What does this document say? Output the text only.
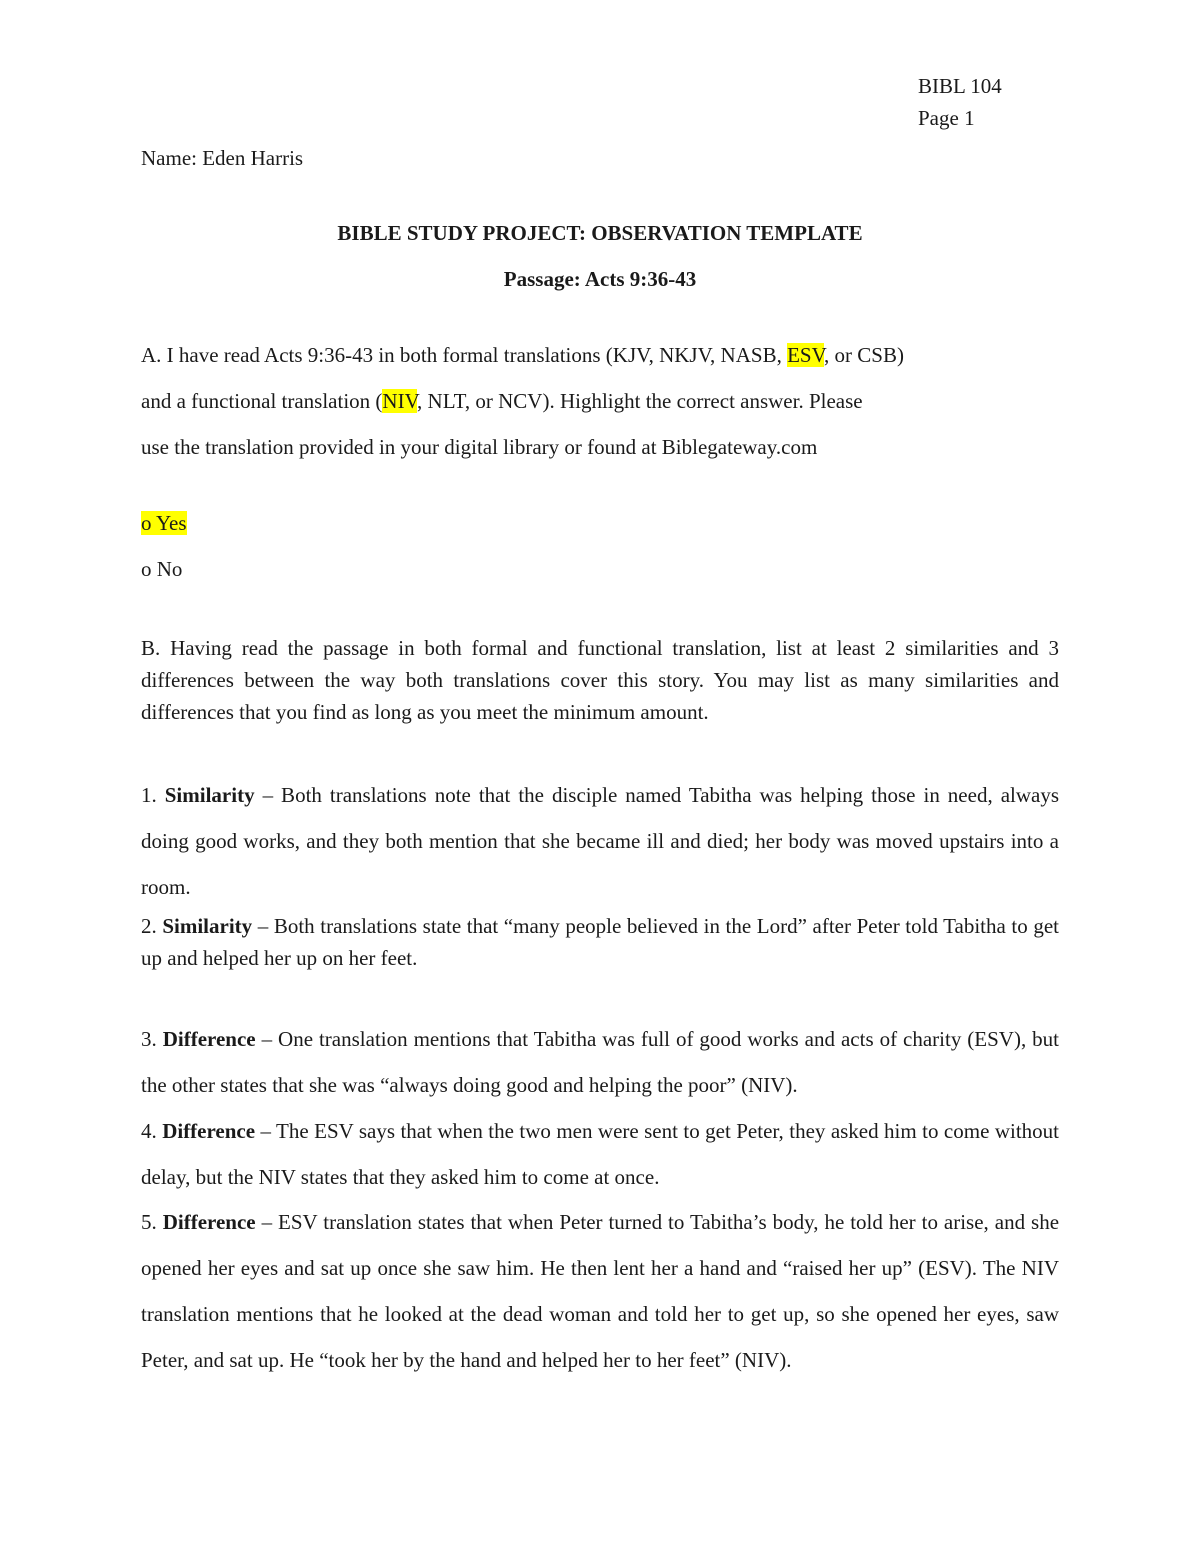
BIBL 104
Page 1
Name: Eden Harris
BIBLE STUDY PROJECT: OBSERVATION TEMPLATE
Passage: Acts 9:36-43
A. I have read Acts 9:36-43 in both formal translations (KJV, NKJV, NASB, ESV, or CSB)
and a functional translation (NIV, NLT, or NCV). Highlight the correct answer. Please
use the translation provided in your digital library or found at Biblegateway.com
o Yes
o No
B. Having read the passage in both formal and functional translation, list at least 2 similarities and 3 differences between the way both translations cover this story. You may list as many similarities and differences that you find as long as you meet the minimum amount.
1. Similarity – Both translations note that the disciple named Tabitha was helping those in need, always doing good works, and they both mention that she became ill and died; her body was moved upstairs into a room.
2. Similarity – Both translations state that “many people believed in the Lord” after Peter told Tabitha to get up and helped her up on her feet.
3. Difference – One translation mentions that Tabitha was full of good works and acts of charity (ESV), but the other states that she was “always doing good and helping the poor” (NIV).
4. Difference – The ESV says that when the two men were sent to get Peter, they asked him to come without delay, but the NIV states that they asked him to come at once.
5. Difference – ESV translation states that when Peter turned to Tabitha’s body, he told her to arise, and she opened her eyes and sat up once she saw him. He then lent her a hand and “raised her up” (ESV). The NIV translation mentions that he looked at the dead woman and told her to get up, so she opened her eyes, saw Peter, and sat up. He “took her by the hand and helped her to her feet” (NIV).
